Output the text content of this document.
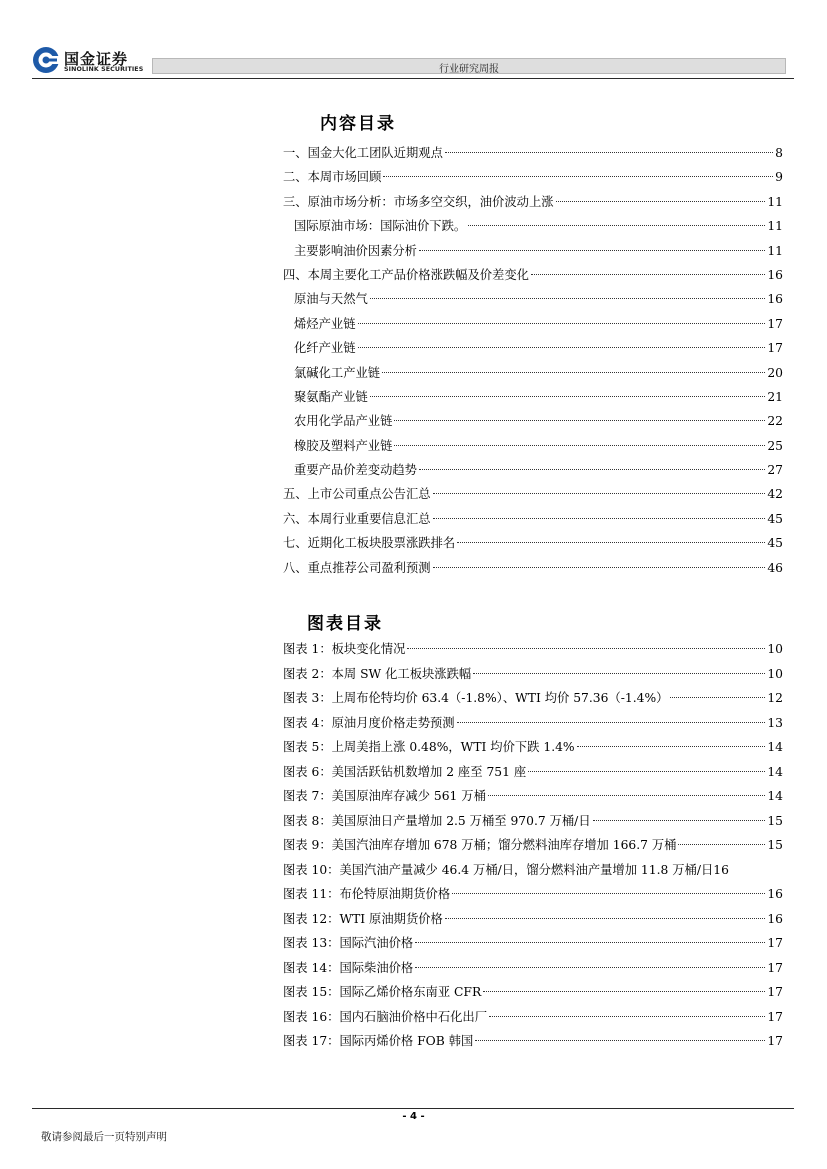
国金证券
SINOLINK SECURITIES	行业研究周报
内容目录
一、国金大化工团队近期观点	8
二、本周市场回顾	9
三、原油市场分析：市场多空交织，油价波动上涨	11
国际原油市场：国际油价下跌。	11
主要影响油价因素分析	11
四、本周主要化工产品价格涨跌幅及价差变化	16
原油与天然气	16
烯烃产业链	17
化纤产业链	17
氯碱化工产业链	20
聚氨酯产业链	21
农用化学品产业链	22
橡胶及塑料产业链	25
重要产品价差变动趋势	27
五、上市公司重点公告汇总	42
六、本周行业重要信息汇总	45
七、近期化工板块股票涨跌排名	45
八、重点推荐公司盈利预测	46
图表目录
图表 1：板块变化情况	10
图表 2：本周 SW 化工板块涨跌幅	10
图表 3：上周布伦特均价 63.4（-1.8%）、WTI 均价 57.36（-1.4%）	12
图表 4：原油月度价格走势预测	13
图表 5：上周美指上涨 0.48%，WTI 均价下跌 1.4%	14
图表 6：美国活跃钻机数增加 2 座至 751 座	14
图表 7：美国原油库存减少 561 万桶	14
图表 8：美国原油日产量增加 2.5 万桶至 970.7 万桶/日	15
图表 9：美国汽油库存增加 678 万桶；馏分燃料油库存增加 166.7 万桶	15
图表 10：美国汽油产量减少 46.4 万桶/日，馏分燃料油产量增加 11.8 万桶/日 16
图表 11：布伦特原油期货价格	16
图表 12：WTI 原油期货价格	16
图表 13：国际汽油价格	17
图表 14：国际柴油价格	17
图表 15：国际乙烯价格东南亚 CFR	17
图表 16：国内石脑油价格中石化出厂	17
图表 17：国际丙烯价格 FOB 韩国	17
- 4 -
敬请参阅最后一页特别声明
